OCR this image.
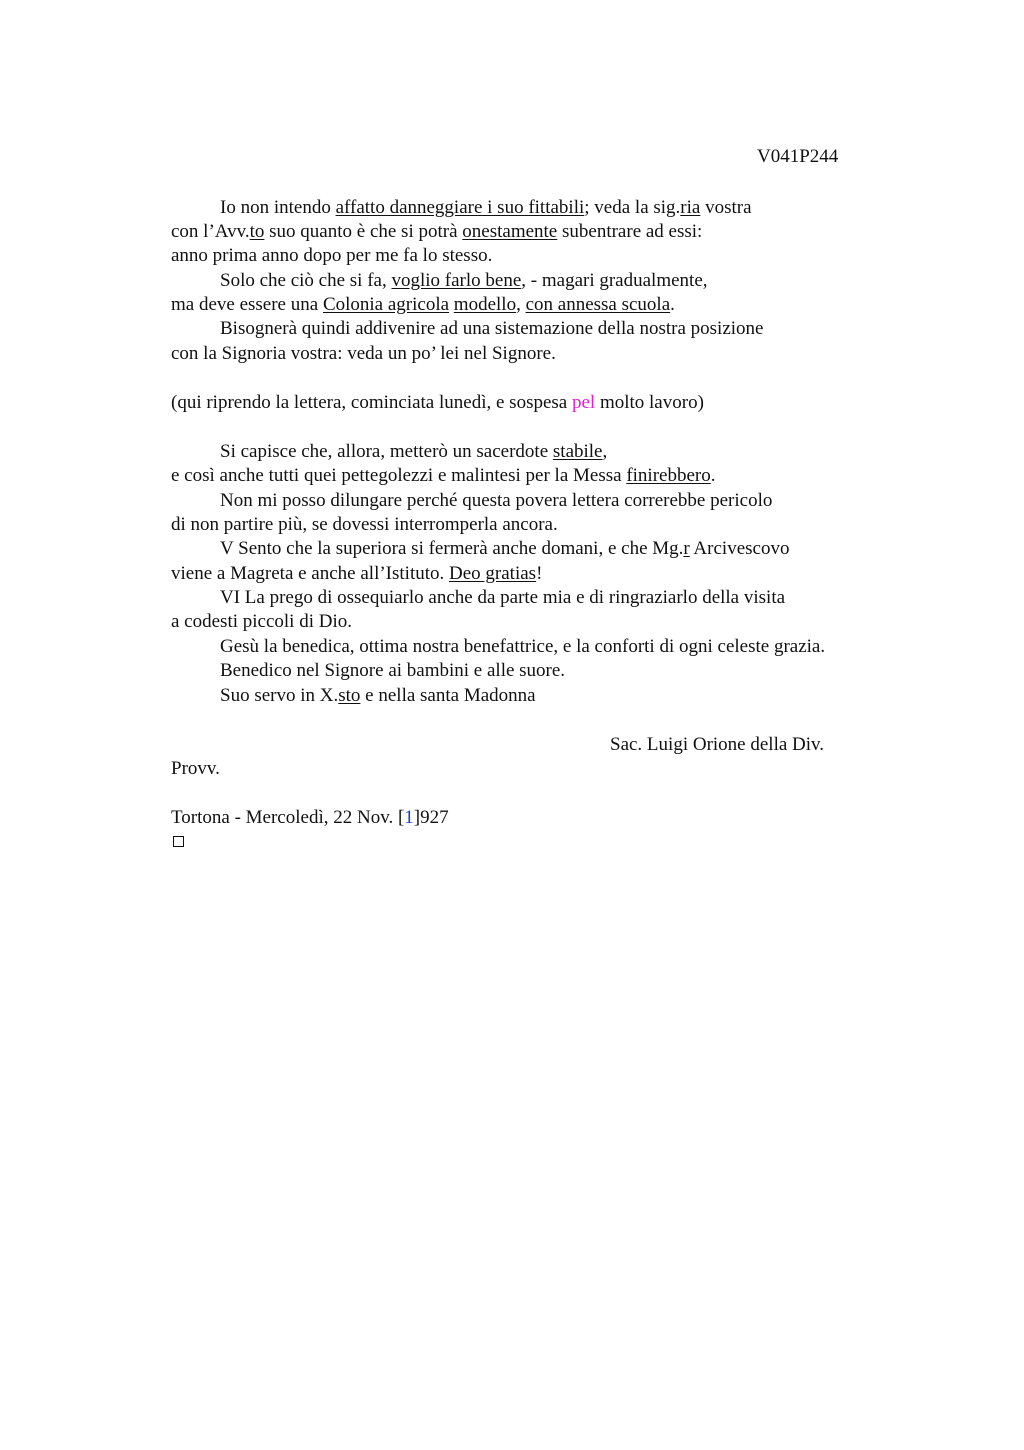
V041P244
Io non intendo affatto danneggiare i suo fittabili; veda la sig.ria vostra
con l’Avv.to suo quanto è che si potrà onestamente subentrare ad essi:
anno prima anno dopo per me fa lo stesso.
Solo che ciò che si fa, voglio farlo bene, - magari gradualmente,
ma deve essere una Colonia agricola modello, con annessa scuola.
Bisognerà quindi addivenire ad una sistemazione della nostra posizione
con la Signoria vostra: veda un po’ lei nel Signore.
(qui riprendo la lettera, cominciata lunedì, e sospesa pel molto lavoro)
Si capisce che, allora, metterò un sacerdote stabile,
e così anche tutti quei pettegolezzi e malintesi per la Messa finirebbero.
Non mi posso dilungare perché questa povera lettera correrebbe pericolo
di non partire più, se dovessi interromperla ancora.
V Sento che la superiora si fermerà anche domani, e che Mg.r Arcivescovo
viene a Magreta e anche all’Istituto. Deo gratias!
VI La prego di ossequiarlo anche da parte mia e di ringraziarlo della visita
a codesti piccoli di Dio.
Gesù la benedica, ottima nostra benefattrice, e la conforti di ogni celeste grazia.
Benedico nel Signore ai bambini e alle suore.
Suo servo in X.sto e nella santa Madonna
Sac. Luigi Orione della Div.
Provv.
Tortona - Mercoledì, 22 Nov. [1]927
